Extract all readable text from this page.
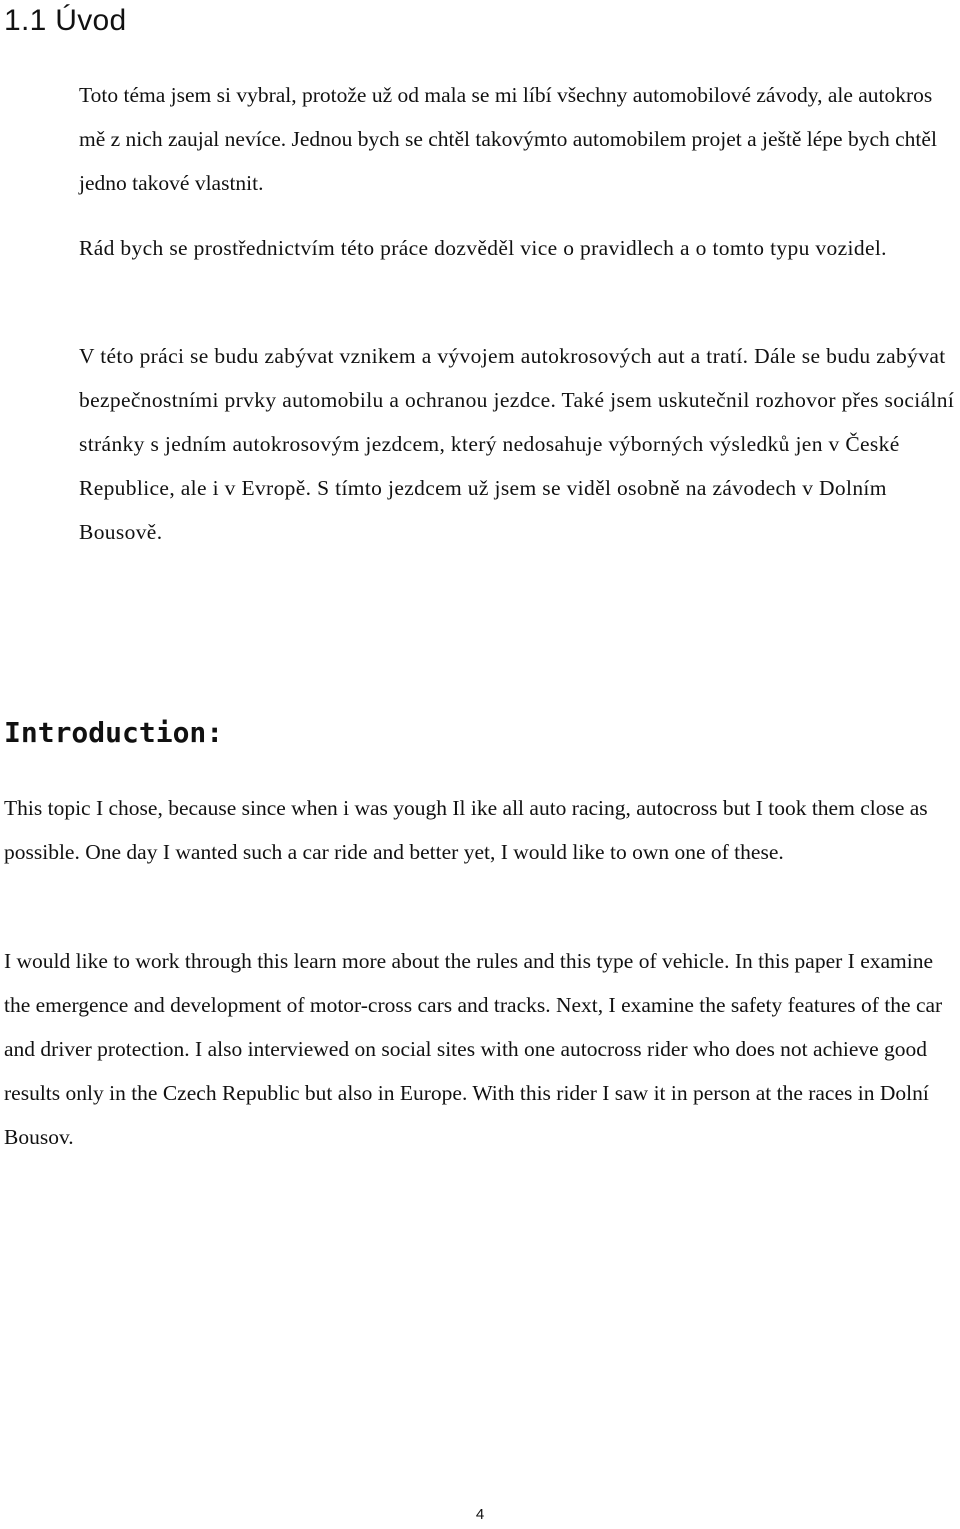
1.1 Úvod

Toto téma jsem si vybral, protože už od mala se mi líbí všechny automobilové závody, ale autokros mě z nich zaujal nevíce. Jednou bych se chtěl takovýmto automobilem projet a ještě lépe bych chtěl jedno takové vlastnit.

Rád bych se prostřednictvím této práce dozvěděl vice o pravidlech a o tomto typu vozidel.

V této práci se budu zabývat vznikem a vývojem autokrosových aut a tratí. Dále se budu zabývat bezpečnostními prvky automobilu a ochranou jezdce. Také jsem uskutečnil rozhovor přes sociální stránky s jedním autokrosovým jezdcem, který nedosahuje výborných výsledků jen v České Republice, ale i v Evropě. S tímto jezdcem už jsem se viděl osobně na závodech v Dolním Bousově.

Introduction:

This topic I chose, because since when i was yough Il ike all auto racing, autocross but I took them close as possible. One day I wanted such a car ride and better yet, I would like to own one of these.

I would like to work through this learn more about the rules and this type of vehicle. In this paper I examine the emergence and development of motor-cross cars and tracks. Next, I examine the safety features of the car and driver protection. I also interviewed on social sites with one autocross rider who does not achieve good results only in the Czech Republic but also in Europe. With this rider I saw it in person at the races in Dolní Bousov.

4
